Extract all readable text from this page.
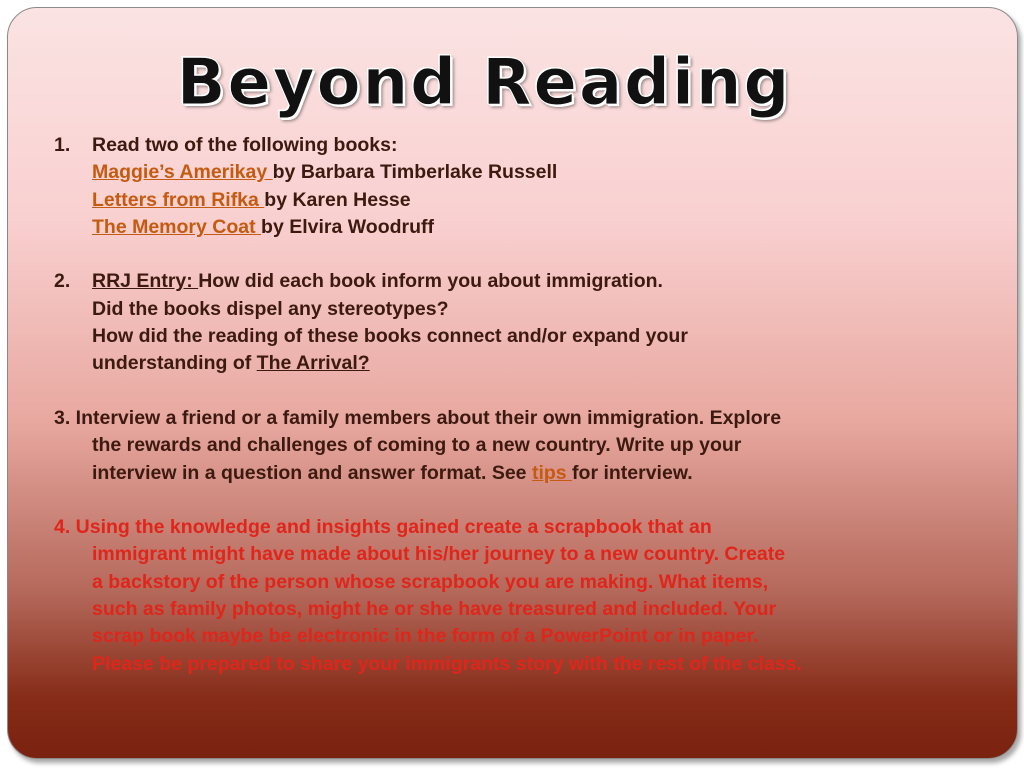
Beyond Reading
1. Read two of the following books:
Maggie’s Amerikay by Barbara Timberlake Russell
Letters from Rifka by Karen Hesse
The Memory Coat by Elvira Woodruff
2. RRJ Entry: How did each book inform you about immigration.
Did the books dispel any stereotypes?
How did the reading of these books connect and/or expand your
understanding of The Arrival?
3. Interview a friend or a family members about their own immigration. Explore
the rewards and challenges of coming to a new country. Write up your
interview in a question and answer format. See tips for interview.
4. Using the knowledge and insights gained create a scrapbook that an
immigrant might have made about his/her journey to a new country. Create
a backstory of the person whose scrapbook you are making. What items,
such as family photos, might he or she have treasured and included. Your
scrap book maybe be electronic in the form of a PowerPoint or in paper.
Please be prepared to share your immigrants story with the rest of the class.
